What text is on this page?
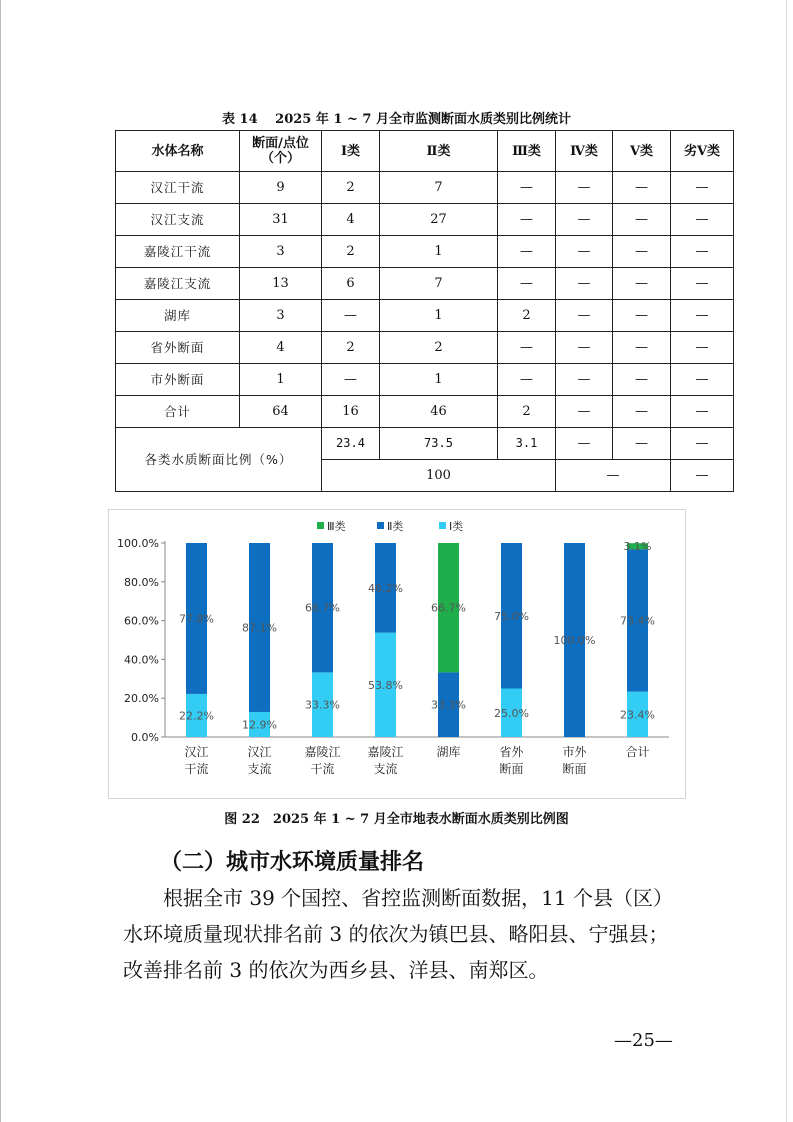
表 14　 2025 年 1 ~ 7 月全市监测断面水质类别比例统计
水体名称	断面/点位（个）	Ⅰ类	Ⅱ类	Ⅲ类	Ⅳ类	Ⅴ类	劣Ⅴ类
汉江干流	9	2	7	—	—	—	—
汉江支流	31	4	27	—	—	—	—
嘉陵江干流	3	2	1	—	—	—	—
嘉陵江支流	13	6	7	—	—	—	—
湖库	3	—	1	2	—	—	—
省外断面	4	2	2	—	—	—	—
市外断面	1	—	1	—	—	—	—
合计	64	16	46	2	—	—	—
各类水质断面比例（%）		23.4	73.5	3.1	—	—	—
		100			—		—
0.0%
20.0%
40.0%
60.0%
80.0%
100.0%
22.2%
77.8%
汉江
干流
12.9%
87.1%
汉江
支流
33.3%
66.7%
嘉陵江
干流
53.8%
46.2%
嘉陵江
支流
33.3%
66.7%
湖库
25.0%
75.0%
省外
断面
100.0%
市外
断面
23.4%
73.4%
3.1%
合计
Ⅲ类	Ⅱ类	Ⅰ类
图 22　2025 年 1 ~ 7 月全市地表水断面水质类别比例图
（二）城市水环境质量排名

根据全市 39 个国控、省控监测断面数据，11 个县（区）水环境质量现状排名前 3 的依次为镇巴县、略阳县、宁强县；改善排名前 3 的依次为西乡县、洋县、南郑区。

—25—
